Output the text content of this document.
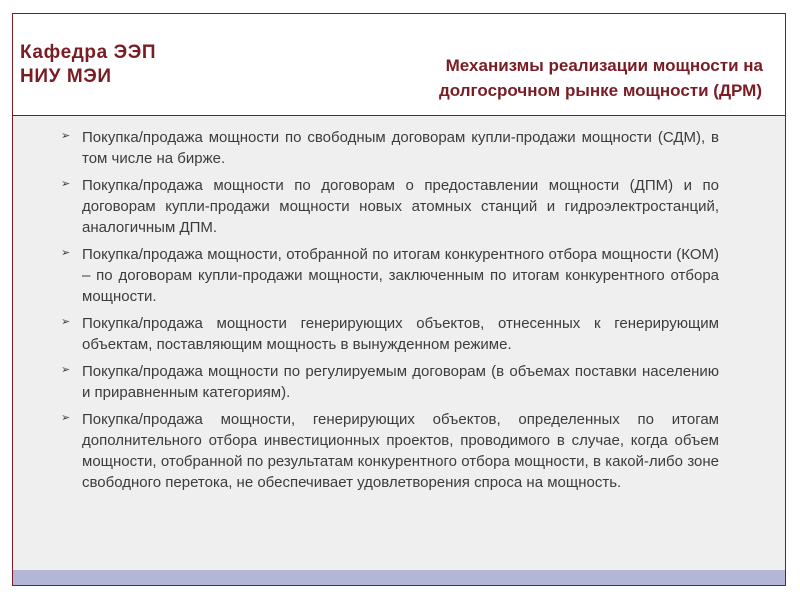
Кафедра ЭЭП
НИУ МЭИ
Механизмы реализации мощности на
долгосрочном рынке мощности (ДРМ)
➢ Покупка/продажа мощности по свободным договорам купли-продажи мощности (СДМ), в том числе на бирже.
➢ Покупка/продажа мощности по договорам о предоставлении мощности (ДПМ) и по договорам купли-продажи мощности новых атомных станций и гидроэлектростанций, аналогичным ДПМ.
➢ Покупка/продажа мощности, отобранной по итогам конкурентного отбора мощности (КОМ) – по договорам купли-продажи мощности, заключенным по итогам конкурентного отбора мощности.
➢ Покупка/продажа мощности генерирующих объектов, отнесенных к генерирующим объектам, поставляющим мощность в вынужденном режиме.
➢ Покупка/продажа мощности по регулируемым договорам (в объемах поставки населению и приравненным категориям).
➢ Покупка/продажа мощности, генерирующих объектов, определенных по итогам дополнительного отбора инвестиционных проектов, проводимого в случае, когда объем мощности, отобранной по результатам конкурентного отбора мощности, в какой-либо зоне свободного перетока, не обеспечивает удовлетворения спроса на мощность.
